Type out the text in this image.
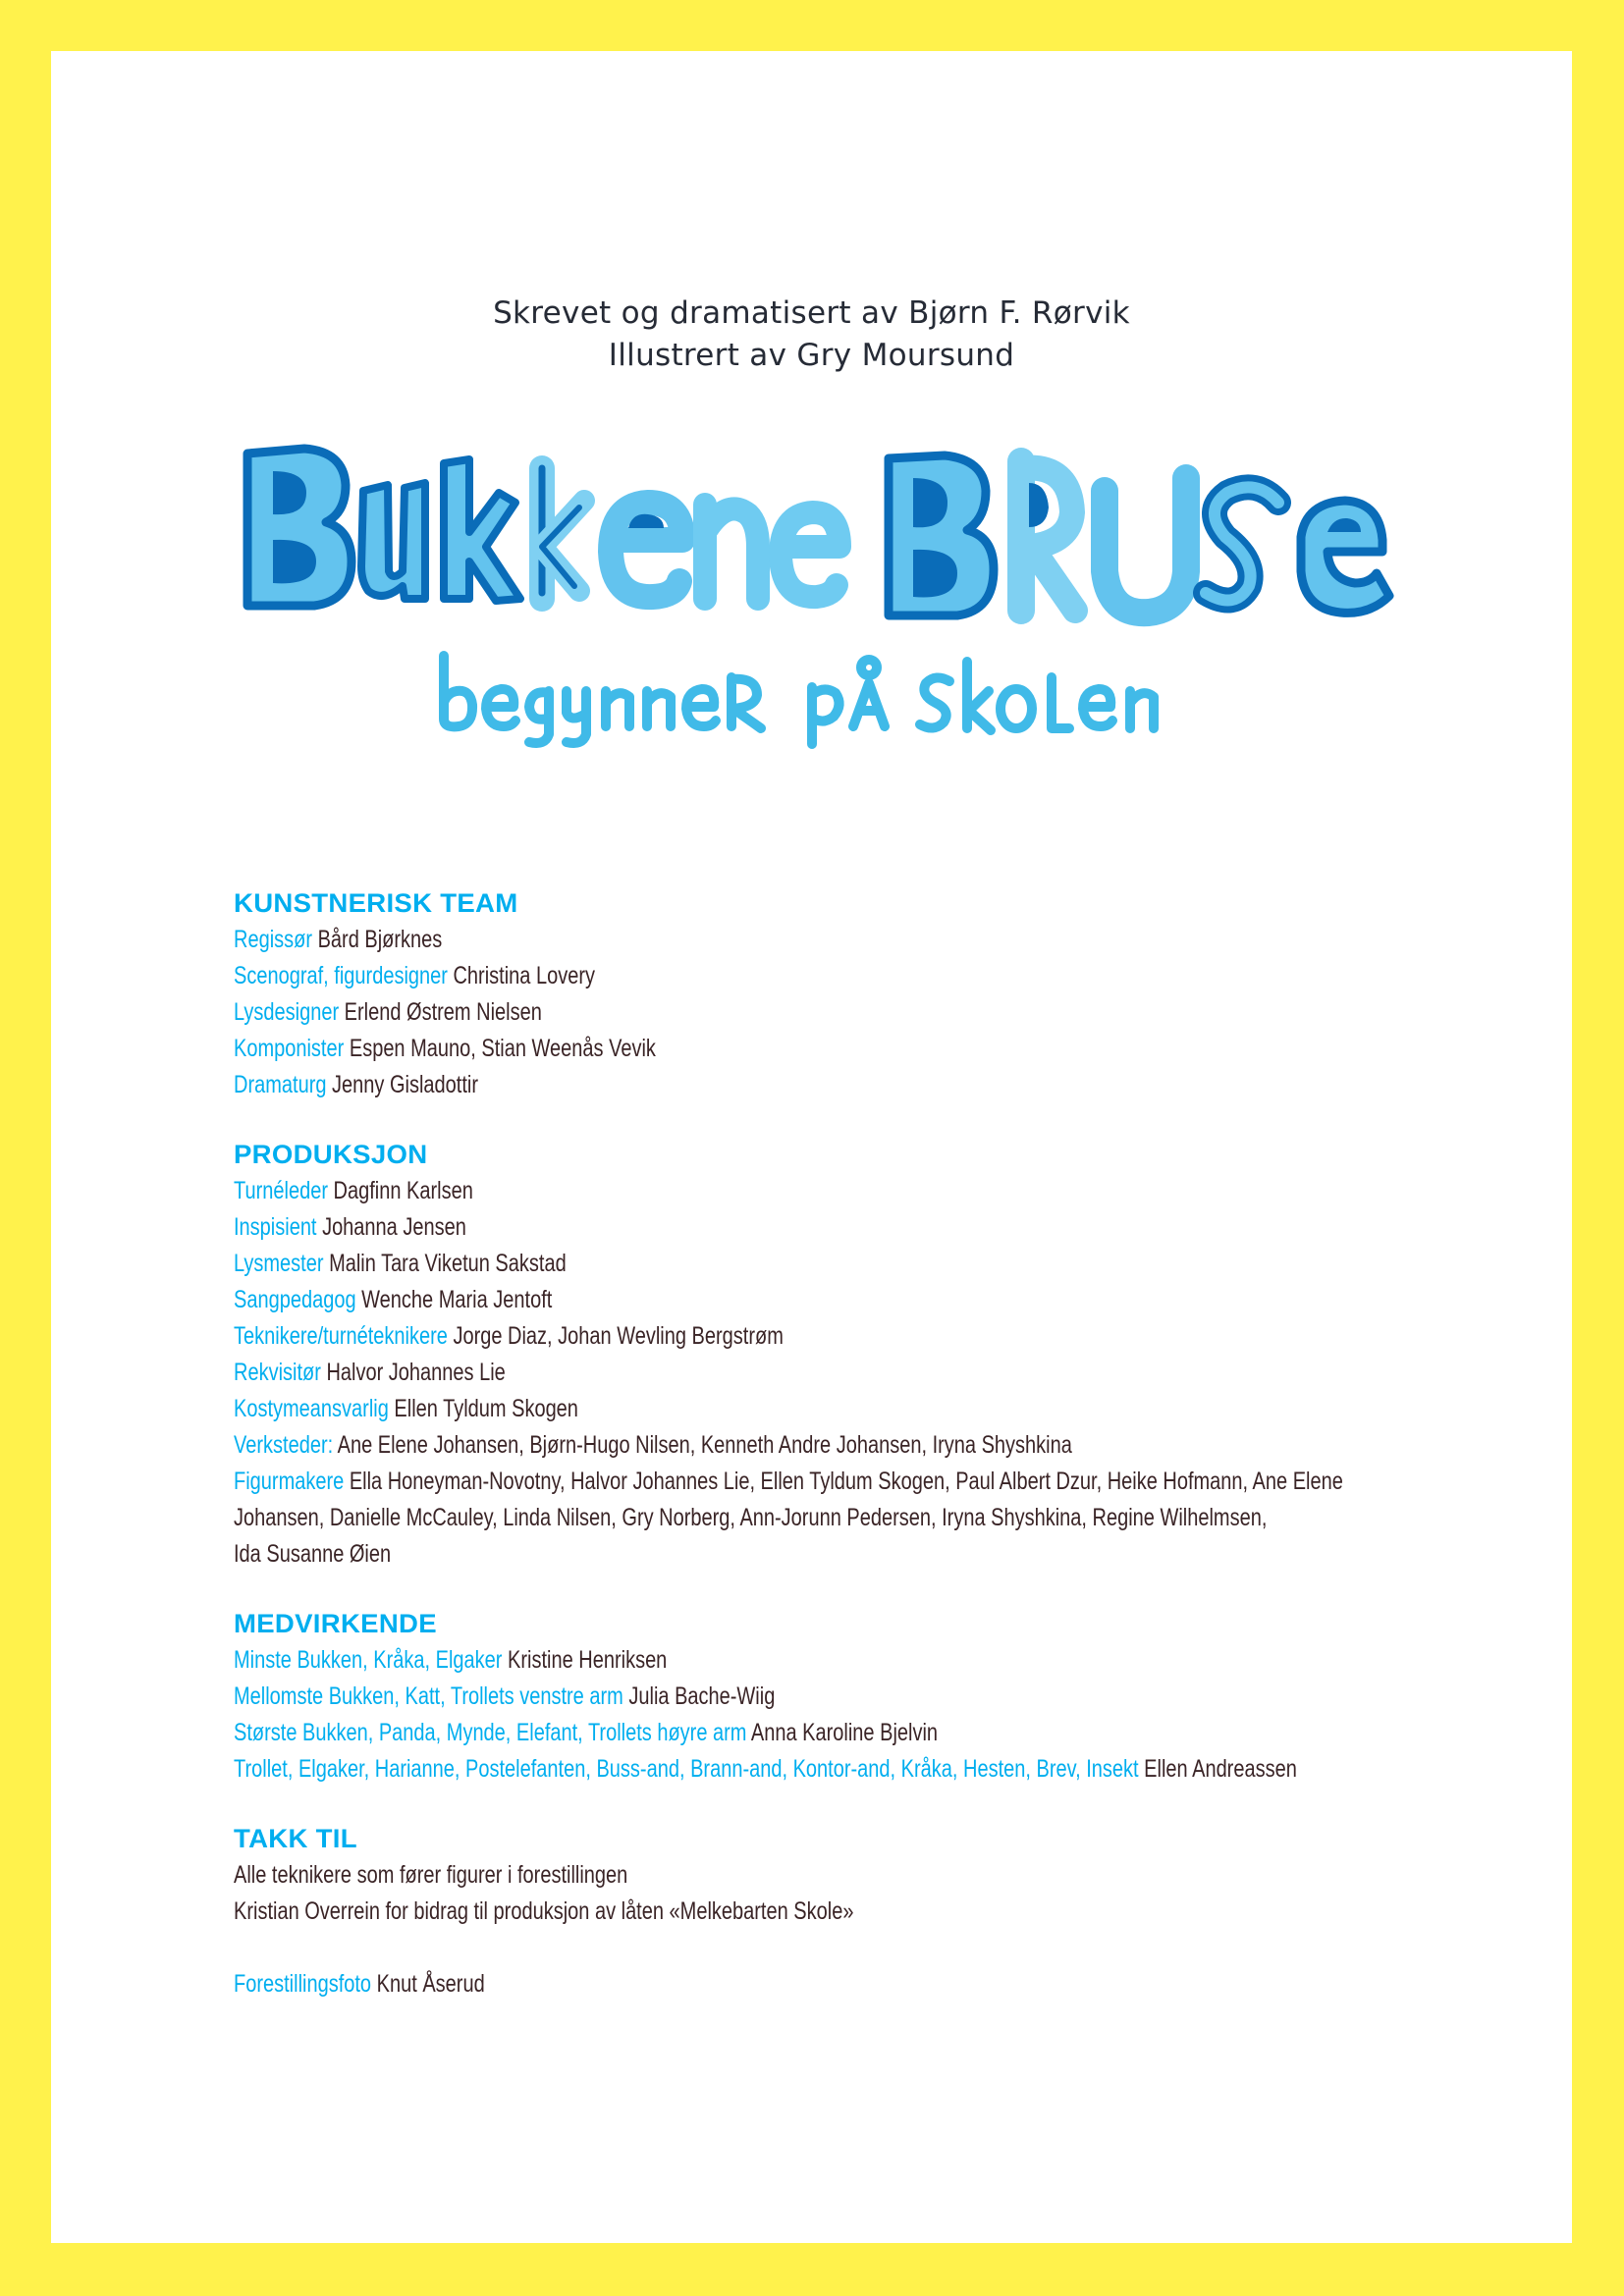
Skrevet og dramatisert av Bjørn F. Rørvik
Illustrert av Gry Moursund
KUNSTNERISK TEAM
Regissør Bård Bjørknes
Scenograf, figurdesigner Christina Lovery
Lysdesigner Erlend Østrem Nielsen
Komponister Espen Mauno, Stian Weenås Vevik
Dramaturg Jenny Gisladottir
PRODUKSJON
Turnéleder Dagfinn Karlsen
Inspisient Johanna Jensen
Lysmester Malin Tara Viketun Sakstad
Sangpedagog Wenche Maria Jentoft
Teknikere/turnéteknikere Jorge Diaz, Johan Wevling Bergstrøm
Rekvisitør Halvor Johannes Lie
Kostymeansvarlig Ellen Tyldum Skogen
Verksteder: Ane Elene Johansen, Bjørn-Hugo Nilsen, Kenneth Andre Johansen, Iryna Shyshkina
Figurmakere Ella Honeyman-Novotny, Halvor Johannes Lie, Ellen Tyldum Skogen, Paul Albert Dzur, Heike Hofmann, Ane Elene
Johansen, Danielle McCauley, Linda Nilsen, Gry Norberg, Ann-Jorunn Pedersen, Iryna Shyshkina, Regine Wilhelmsen,
Ida Susanne Øien
MEDVIRKENDE
Minste Bukken, Kråka, Elgaker Kristine Henriksen
Mellomste Bukken, Katt, Trollets venstre arm Julia Bache-Wiig
Største Bukken, Panda, Mynde, Elefant, Trollets høyre arm Anna Karoline Bjelvin
Trollet, Elgaker, Harianne, Postelefanten, Buss-and, Brann-and, Kontor-and, Kråka, Hesten, Brev, Insekt Ellen Andreassen
TAKK TIL
Alle teknikere som fører figurer i forestillingen
Kristian Overrein for bidrag til produksjon av låten «Melkebarten Skole»
Forestillingsfoto Knut Åserud
